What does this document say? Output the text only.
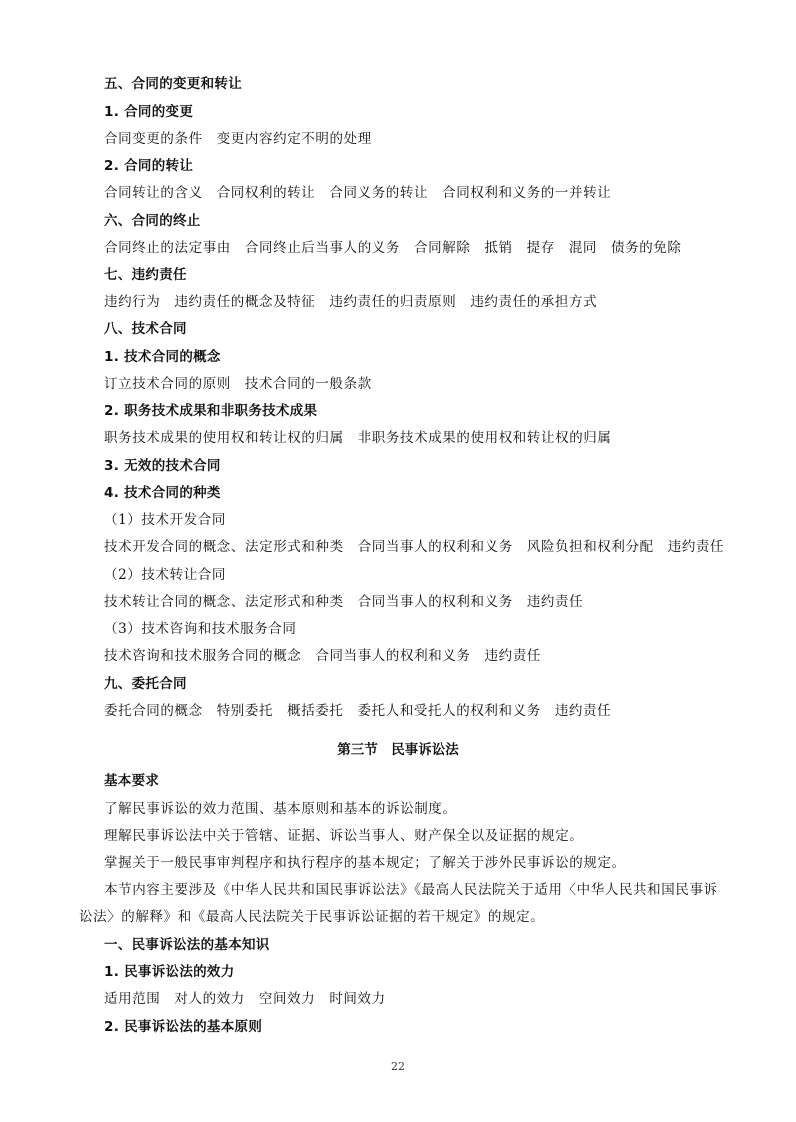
五、合同的变更和转让
1. 合同的变更
合同变更的条件 变更内容约定不明的处理
2. 合同的转让
合同转让的含义 合同权利的转让 合同义务的转让 合同权利和义务的一并转让
六、合同的终止
合同终止的法定事由 合同终止后当事人的义务 合同解除 抵销 提存 混同 债务的免除
七、违约责任
违约行为 违约责任的概念及特征 违约责任的归责原则 违约责任的承担方式
八、技术合同
1. 技术合同的概念
订立技术合同的原则 技术合同的一般条款
2. 职务技术成果和非职务技术成果
职务技术成果的使用权和转让权的归属 非职务技术成果的使用权和转让权的归属
3. 无效的技术合同
4. 技术合同的种类
（1）技术开发合同
技术开发合同的概念、法定形式和种类 合同当事人的权利和义务 风险负担和权利分配 违约责任
（2）技术转让合同
技术转让合同的概念、法定形式和种类 合同当事人的权利和义务 违约责任
（3）技术咨询和技术服务合同
技术咨询和技术服务合同的概念 合同当事人的权利和义务 违约责任
九、委托合同
委托合同的概念 特别委托 概括委托 委托人和受托人的权利和义务 违约责任
第三节　民事诉讼法
基本要求
了解民事诉讼的效力范围、基本原则和基本的诉讼制度。
理解民事诉讼法中关于管辖、证据、诉讼当事人、财产保全以及证据的规定。
掌握关于一般民事审判程序和执行程序的基本规定；了解关于涉外民事诉讼的规定。
本节内容主要涉及《中华人民共和国民事诉讼法》《最高人民法院关于适用〈中华人民共和国民事诉
讼法〉的解释》和《最高人民法院关于民事诉讼证据的若干规定》的规定。
一、民事诉讼法的基本知识
1. 民事诉讼法的效力
适用范围 对人的效力 空间效力 时间效力
2. 民事诉讼法的基本原则
22
